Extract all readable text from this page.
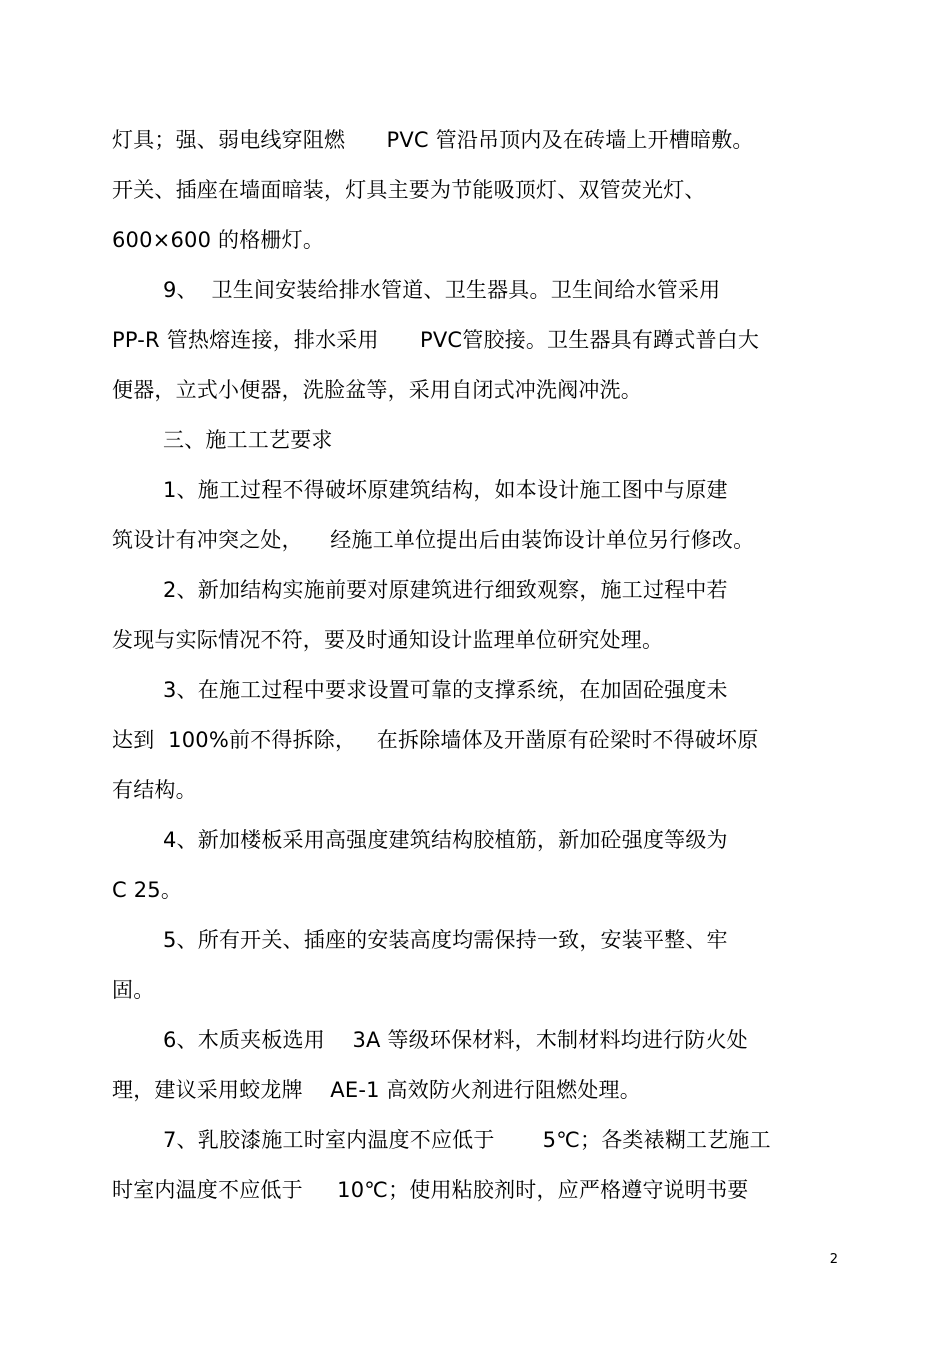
灯具；强、弱电线穿阻燃      PVC 管沿吊顶内及在砖墙上开槽暗敷。
开关、插座在墙面暗装，灯具主要为节能吸顶灯、双管荧光灯、
600×600 的格栅灯。
9、  卫生间安装给排水管道、卫生器具。卫生间给水管采用
PP-R 管热熔连接，排水采用      PVC管胶接。卫生器具有蹲式普白大
便器，立式小便器，洗脸盆等，采用自闭式冲洗阀冲洗。
三、施工工艺要求
1、施工过程不得破坏原建筑结构，如本设计施工图中与原建
筑设计有冲突之处，    经施工单位提出后由装饰设计单位另行修改。
2、新加结构实施前要对原建筑进行细致观察，施工过程中若
发现与实际情况不符，要及时通知设计监理单位研究处理。
3、在施工过程中要求设置可靠的支撑系统，在加固砼强度未
达到  100%前不得拆除，   在拆除墙体及开凿原有砼梁时不得破坏原
有结构。
4、新加楼板采用高强度建筑结构胶植筋，新加砼强度等级为
C 25。
5、所有开关、插座的安装高度均需保持一致，安装平整、牢
固。
6、木质夹板选用    3A 等级环保材料，木制材料均进行防火处
理，建议采用蛟龙牌    AE-1 高效防火剂进行阻燃处理。
7、乳胶漆施工时室内温度不应低于       5℃；各类裱糊工艺施工
时室内温度不应低于     10℃；使用粘胶剂时，应严格遵守说明书要
2
